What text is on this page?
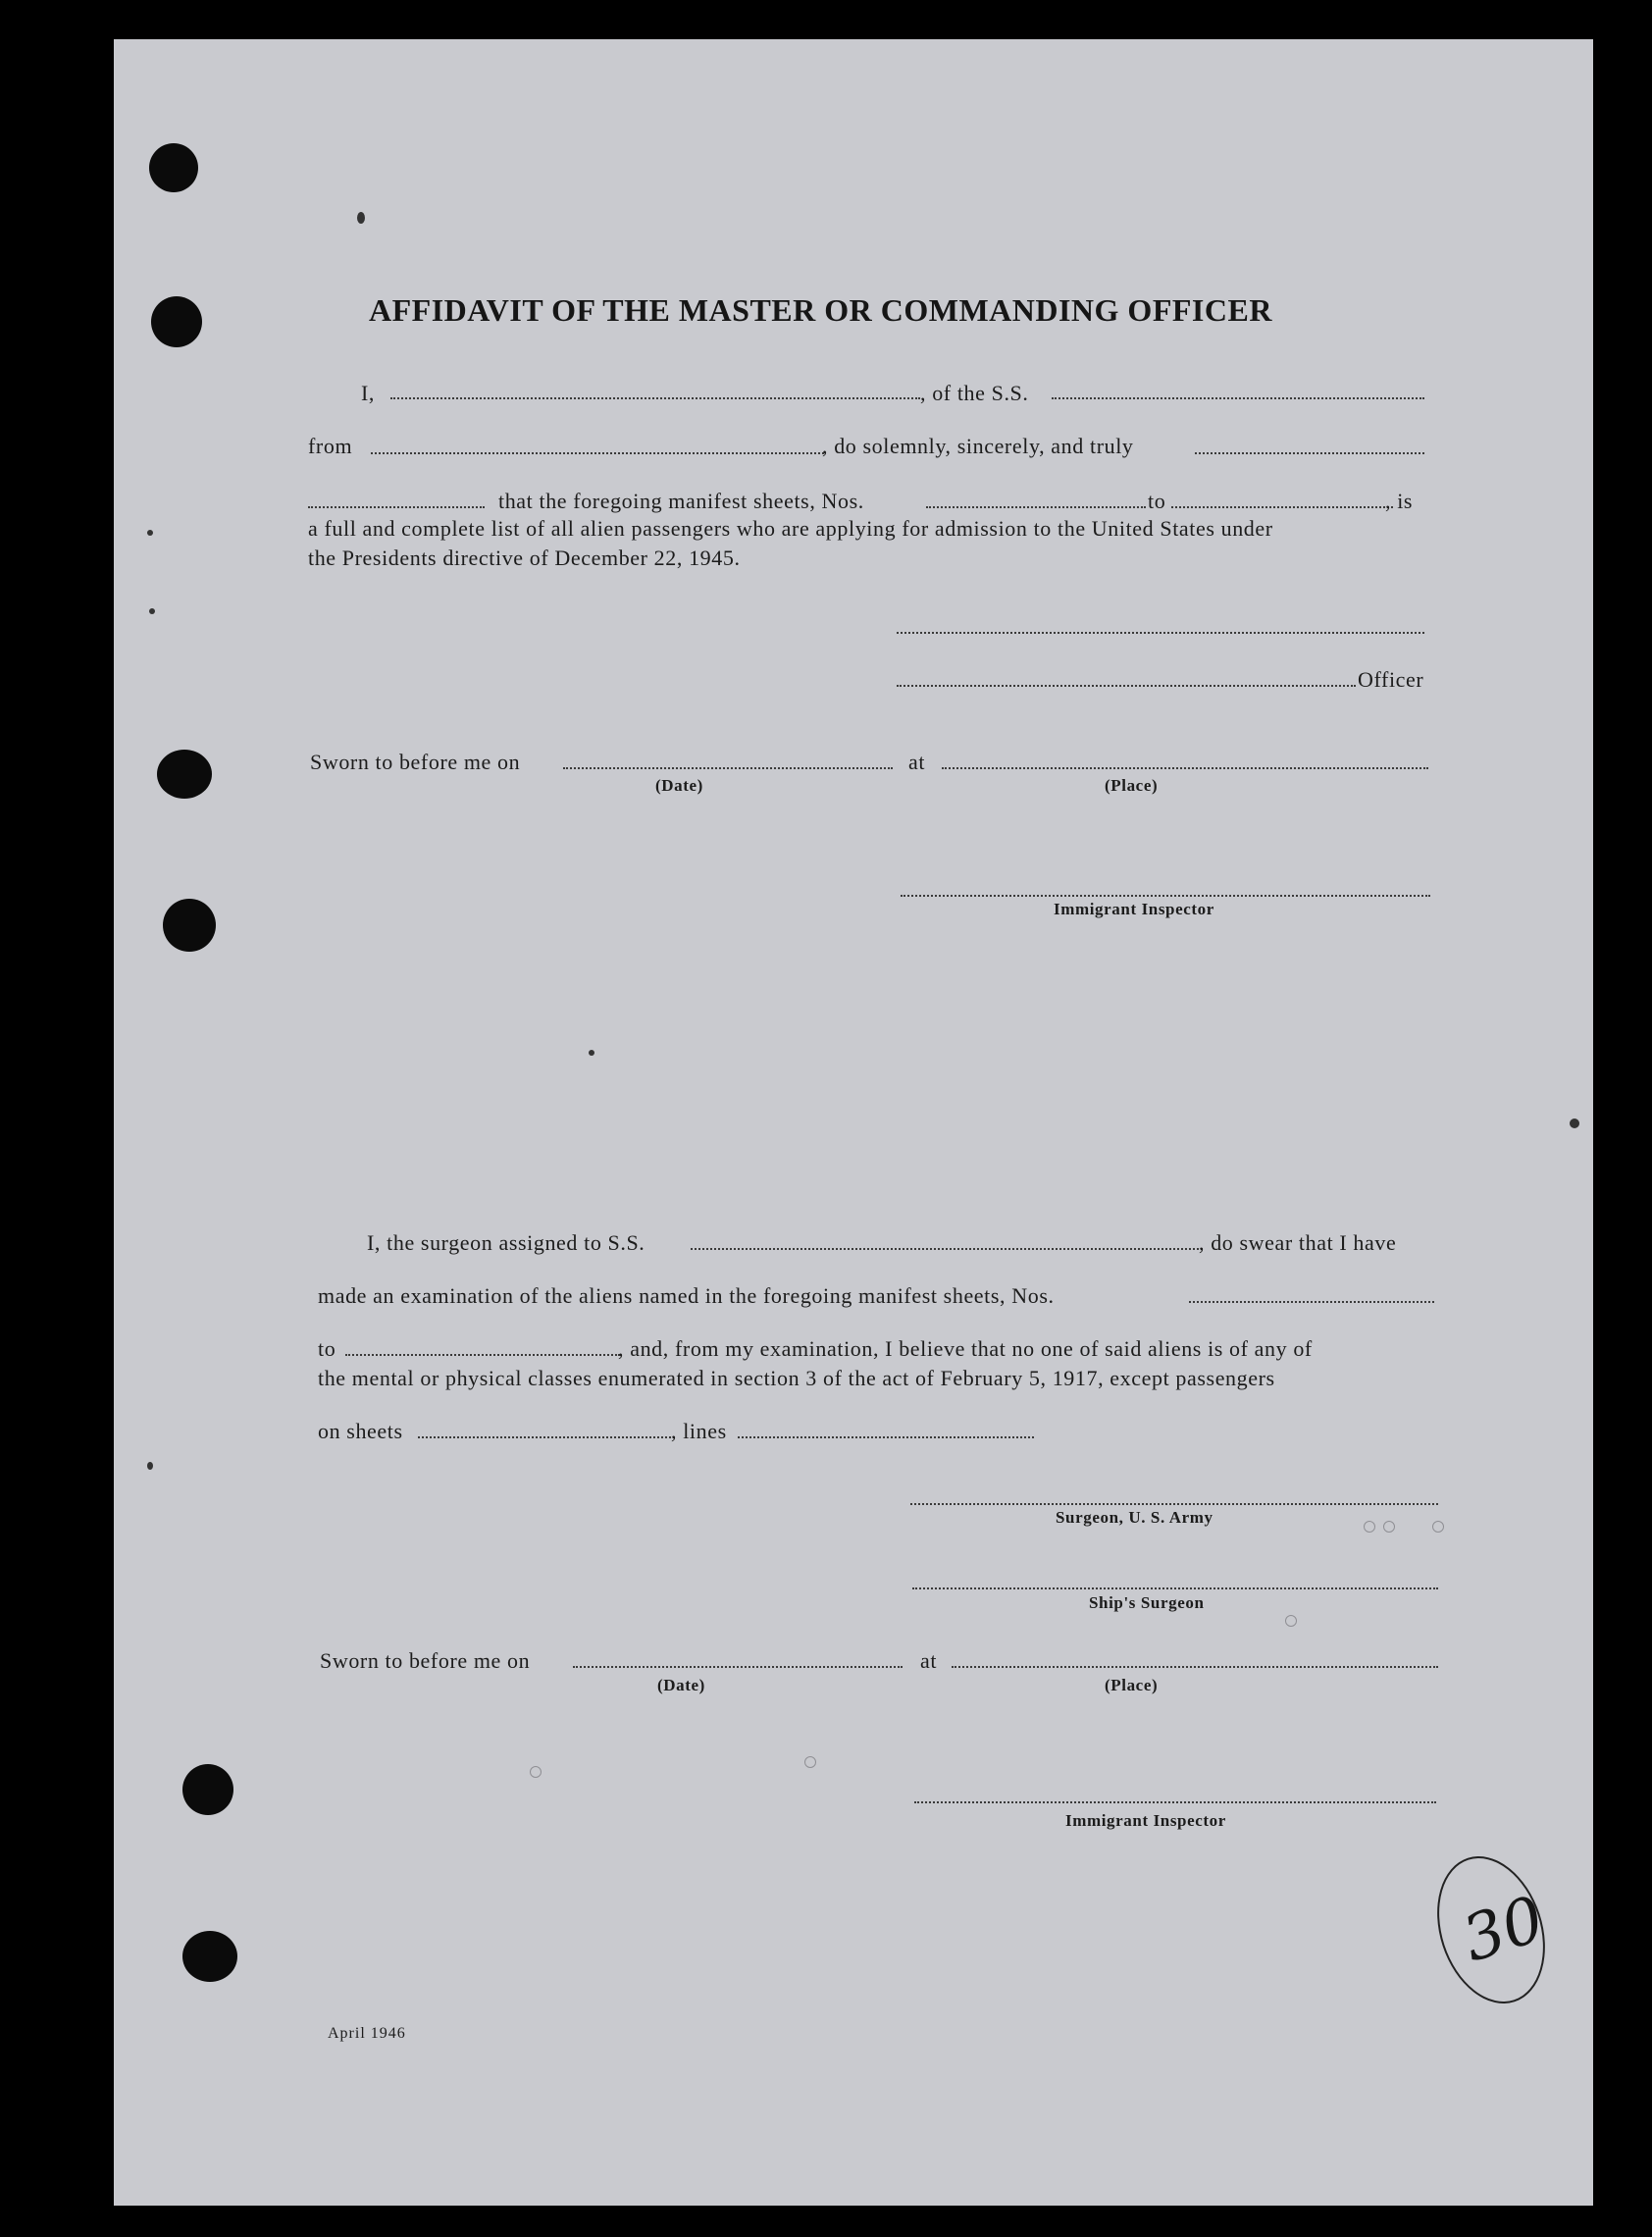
AFFIDAVIT OF THE MASTER OR COMMANDING OFFICER
I,	, of the S.S.
from	, do solemnly, sincerely, and truly
that the foregoing manifest sheets, Nos.	to	, is
a full and complete list of all alien passengers who are applying for admission to the United States under
the Presidents directive of December 22, 1945.
Officer
Sworn to before me on	at
(Date)	(Place)
Immigrant Inspector
I, the surgeon assigned to S.S.	, do swear that I have
made an examination of the aliens named in the foregoing manifest sheets, Nos.
to	, and, from my examination, I believe that no one of said aliens is of any of
the mental or physical classes enumerated in section 3 of the act of February 5, 1917, except passengers
on sheets	, lines
Surgeon, U. S. Army
Ship's Surgeon
Sworn to before me on	at
(Date)	(Place)
Immigrant Inspector
April 1946
30
